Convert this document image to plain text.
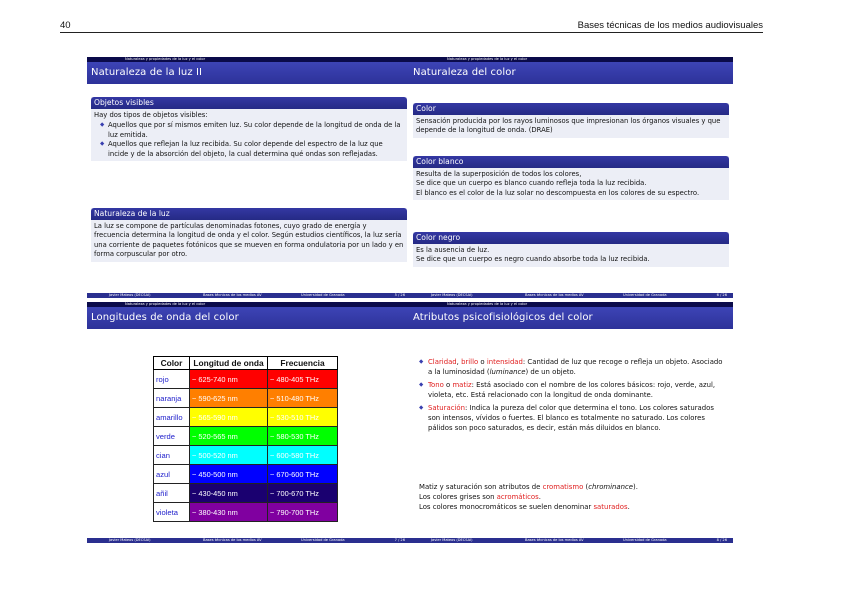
40	Bases técnicas de los medios audiovisuales
Naturaleza y propiedades de la luz y el color
Naturaleza de la luz II
Objetos visibles
Hay dos tipos de objetos visibles:
◆ Aquellos que por sí mismos emiten luz. Su color depende de la longitud de onda de la luz emitida.
◆ Aquellos que reflejan la luz recibida. Su color depende del espectro de la luz que incide y de la absorción del objeto, la cual determina qué ondas son reflejadas.
Naturaleza de la luz
La luz se compone de partículas denominadas fotones, cuyo grado de energía y frecuencia determina la longitud de onda y el color. Según estudios científicos, la luz sería una corriente de paquetes fotónicos que se mueven en forma ondulatoria por un lado y en forma corpuscular por otro.
Javier Mateos (DECSAI)	Bases técnicas de los medios AV	Universidad de Granada	5 / 26
Naturaleza y propiedades de la luz y el color
Naturaleza del color
Color
Sensación producida por los rayos luminosos que impresionan los órganos visuales y que depende de la longitud de onda. (DRAE)
Color blanco
Resulta de la superposición de todos los colores,
Se dice que un cuerpo es blanco cuando refleja toda la luz recibida.
El blanco es el color de la luz solar no descompuesta en los colores de su espectro.
Color negro
Es la ausencia de luz.
Se dice que un cuerpo es negro cuando absorbe toda la luz recibida.
Javier Mateos (DECSAI)	Bases técnicas de los medios AV	Universidad de Granada	6 / 26
Naturaleza y propiedades de la luz y el color
Longitudes de onda del color
Color	Longitud de onda	Frecuencia
rojo	~ 625-740 nm	~ 480-405 THz
naranja	~ 590-625 nm	~ 510-480 THz
amarillo	~ 565-590 nm	~ 530-510 THz
verde	~ 520-565 nm	~ 580-530 THz
cian	~ 500-520 nm	~ 600-580 THz
azul	~ 450-500 nm	~ 670-600 THz
añil	~ 430-450 nm	~ 700-670 THz
violeta	~ 380-430 nm	~ 790-700 THz
Javier Mateos (DECSAI)	Bases técnicas de los medios AV	Universidad de Granada	7 / 26
Naturaleza y propiedades de la luz y el color
Atributos psicofisiológicos del color
◆ Claridad, brillo o intensidad: Cantidad de luz que recoge o refleja un objeto. Asociado a la luminosidad (luminance) de un objeto.
◆ Tono o matiz: Está asociado con el nombre de los colores básicos: rojo, verde, azul, violeta, etc. Está relacionado con la longitud de onda dominante.
◆ Saturación: Indica la pureza del color que determina el tono. Los colores saturados son intensos, vívidos o fuertes. El blanco es totalmente no saturado. Los colores pálidos son poco saturados, es decir, están más diluidos en blanco.
Matiz y saturación son atributos de cromatismo (chrominance).
Los colores grises son acromáticos.
Los colores monocromáticos se suelen denominar saturados.
Javier Mateos (DECSAI)	Bases técnicas de los medios AV	Universidad de Granada	8 / 26
